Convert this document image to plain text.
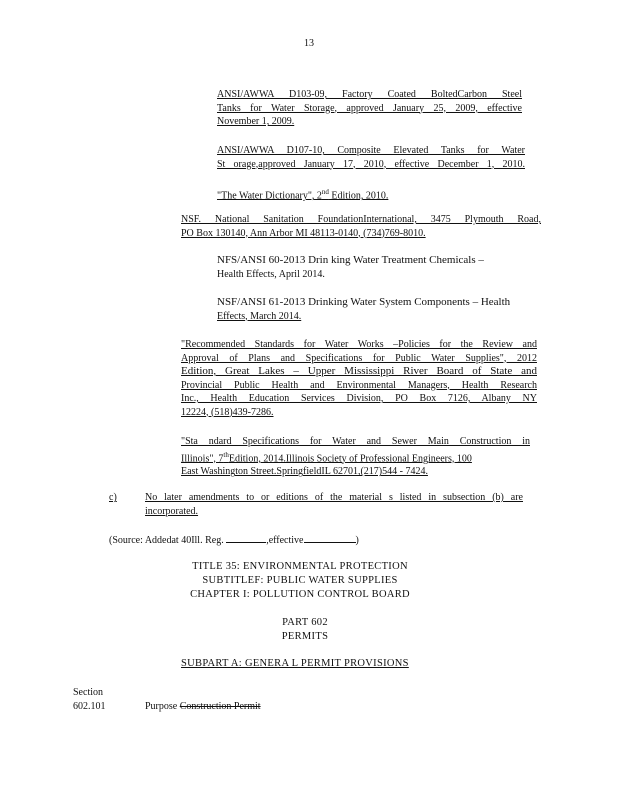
13
ANSI/AWWA D103-09, Factory Coated BoltedCarbon Steel
Tanks for Water Storage, approved January 25, 2009, effective
November 1, 2009.
ANSI/AWWA D107-10, Composite Elevated Tanks for Water
St orage,approved January 17, 2010, effective December 1, 2010.
"The Water Dictionary", 2nd Edition, 2010.
NSF. National Sanitation FoundationInternational, 3475 Plymouth Road,
PO Box 130140, Ann Arbor MI 48113-0140, (734)769-8010.
NFS/ANSI 60-2013 Drin king Water Treatment Chemicals –
Health Effects, April 2014.
NSF/ANSI 61-2013 Drinking Water System Components – Health
Effects, March 2014.
"Recommended Standards for Water Works –Policies for the Review and
Approval of Plans and Specifications for Public Water Supplies", 2012
Edition, Great Lakes – Upper Mississippi River Board of State and
Provincial Public Health and Environmental Managers, Health Research
Inc., Health Education Services Division, PO Box 7126, Albany NY
12224, (518)439-7286.
"Sta ndard Specifications for Water and Sewer Main Construction in
Illinois", 7thEdition, 2014.Illinois Society of Professional Engineers, 100
East Washington Street.SpringfieldIL 62701,(217)544 - 7424.
c)	No later amendments to or editions of the material s listed in subsection (b) are
incorporated.
(Source: Addedat 40Ill. Reg.	,effective	)
TITLE 35: ENVIRONMENTAL PROTECTION
SUBTITLEF: PUBLIC WATER SUPPLIES
CHAPTER I: POLLUTION CONTROL BOARD
PART 602
PERMITS
SUBPART A: GENERA L PERMIT PROVISIONS
Section
602.101	Purpose Construction Permit
